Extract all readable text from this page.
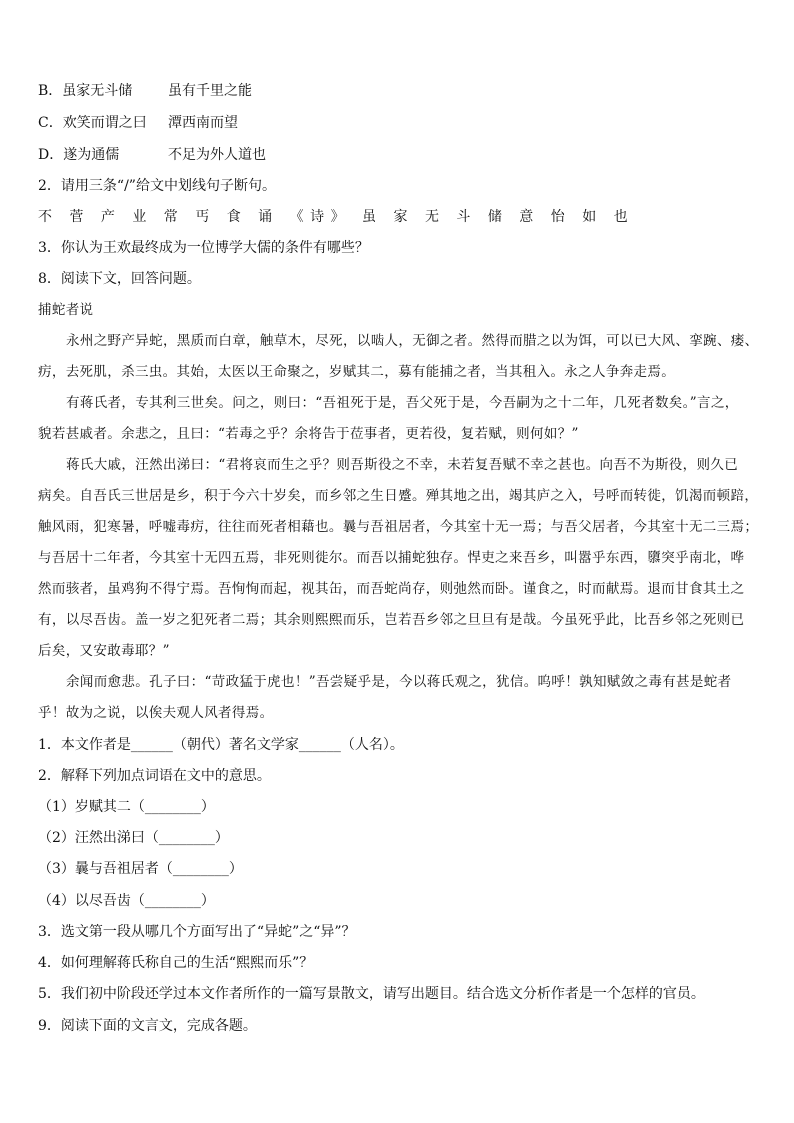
B．虽家无斗储	虽有千里之能
C．欢笑而谓之曰 潭西南而望
D．遂为通儒	不足为外人道也
2．请用三条“/”给文中划线句子断句。
不 菅 产 业 常 丐 食 诵 《诗》 虽 家 无 斗 储 意 怡 如 也
3．你认为王欢最终成为一位博学大儒的条件有哪些？
8．阅读下文，回答问题。
捕蛇者说
永州之野产异蛇，黑质而白章，触草木，尽死，以啮人，无御之者。然得而腊之以为饵，可以已大风、挛踠、瘘、
疠，去死肌，杀三虫。其始，太医以王命聚之，岁赋其二，募有能捕之者，当其租入。永之人争奔走焉。
有蒋氏者，专其利三世矣。问之，则曰：“吾祖死于是，吾父死于是，今吾嗣为之十二年，几死者数矣。”言之，
貌若甚戚者。余悲之，且曰：“若毒之乎？余将告于莅事者，更若役，复若赋，则何如？”
蒋氏大戚，汪然出涕曰：“君将哀而生之乎？则吾斯役之不幸，未若复吾赋不幸之甚也。向吾不为斯役，则久已
病矣。自吾氏三世居是乡，积于今六十岁矣，而乡邻之生日蹙。殚其地之出，竭其庐之入，号呼而转徙，饥渴而顿踣，
触风雨，犯寒暑，呼嘘毒疠，往往而死者相藉也。曩与吾祖居者，今其室十无一焉；与吾父居者，今其室十无二三焉；
与吾居十二年者，今其室十无四五焉，非死则徙尔。而吾以捕蛇独存。悍吏之来吾乡，叫嚣乎东西，隳突乎南北，哗
然而骇者，虽鸡狗不得宁焉。吾恂恂而起，视其缶，而吾蛇尚存，则弛然而卧。谨食之，时而献焉。退而甘食其土之
有，以尽吾齿。盖一岁之犯死者二焉；其余则熙熙而乐，岂若吾乡邻之旦旦有是哉。今虽死乎此，比吾乡邻之死则已
后矣，又安敢毒耶？”
余闻而愈悲。孔子曰：“苛政猛于虎也！”吾尝疑乎是，今以蒋氏观之，犹信。呜呼！孰知赋敛之毒有甚是蛇者
乎！故为之说，以俟夫观人风者得焉。
1．本文作者是______（朝代）著名文学家______（人名）。
2．解释下列加点词语在文中的意思。
（1）岁赋其二（________）
（2）汪然出涕曰（________）
（3）曩与吾祖居者（________）
（4）以尽吾齿（________）
3．选文第一段从哪几个方面写出了“异蛇”之“异”？
4．如何理解蒋氏称自己的生活“熙熙而乐”？
5．我们初中阶段还学过本文作者所作的一篇写景散文，请写出题目。结合选文分析作者是一个怎样的官员。
9．阅读下面的文言文，完成各题。
